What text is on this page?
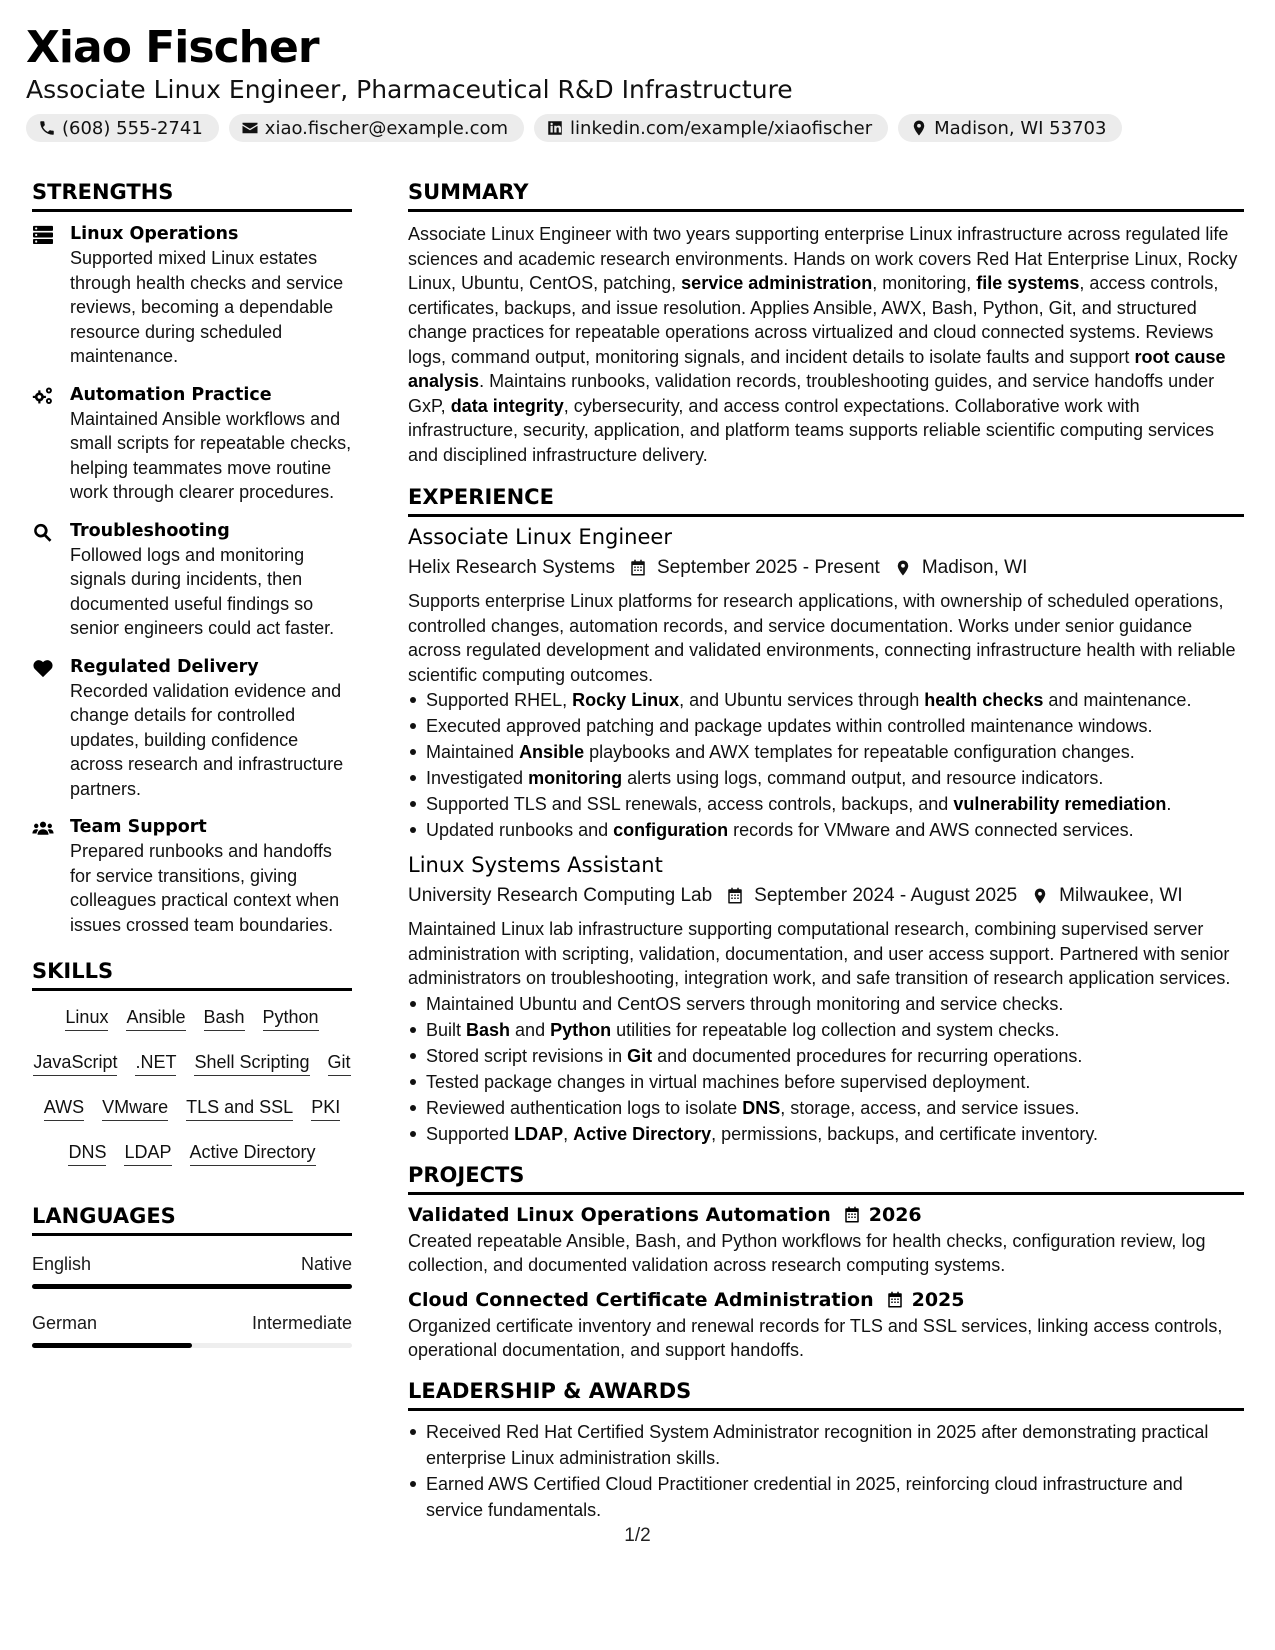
Xiao Fischer
Associate Linux Engineer, Pharmaceutical R&D Infrastructure
(608) 555-2741	xiao.fischer@example.com	linkedin.com/example/xiaofischer	Madison, WI 53703
STRENGTHS
Linux Operations
Supported mixed Linux estates through health checks and service reviews, becoming a dependable resource during scheduled maintenance.
Automation Practice
Maintained Ansible workflows and small scripts for repeatable checks, helping teammates move routine work through clearer procedures.
Troubleshooting
Followed logs and monitoring signals during incidents, then documented useful findings so senior engineers could act faster.
Regulated Delivery
Recorded validation evidence and change details for controlled updates, building confidence across research and infrastructure partners.
Team Support
Prepared runbooks and handoffs for service transitions, giving colleagues practical context when issues crossed team boundaries.
SKILLS
Linux Ansible Bash Python
JavaScript .NET Shell Scripting Git
AWS VMware TLS and SSL PKI
DNS LDAP Active Directory
LANGUAGES
English	Native
German	Intermediate
SUMMARY
Associate Linux Engineer with two years supporting enterprise Linux infrastructure across regulated life sciences and academic research environments. Hands on work covers Red Hat Enterprise Linux, Rocky Linux, Ubuntu, CentOS, patching, service administration, monitoring, file systems, access controls, certificates, backups, and issue resolution. Applies Ansible, AWX, Bash, Python, Git, and structured change practices for repeatable operations across virtualized and cloud connected systems. Reviews logs, command output, monitoring signals, and incident details to isolate faults and support root cause analysis. Maintains runbooks, validation records, troubleshooting guides, and service handoffs under GxP, data integrity, cybersecurity, and access control expectations. Collaborative work with infrastructure, security, application, and platform teams supports reliable scientific computing services and disciplined infrastructure delivery.
EXPERIENCE
Associate Linux Engineer
Helix Research Systems September 2025 - Present Madison, WI
Supports enterprise Linux platforms for research applications, with ownership of scheduled operations, controlled changes, automation records, and service documentation. Works under senior guidance across regulated development and validated environments, connecting infrastructure health with reliable scientific computing outcomes.
Supported RHEL, Rocky Linux, and Ubuntu services through health checks and maintenance.
Executed approved patching and package updates within controlled maintenance windows.
Maintained Ansible playbooks and AWX templates for repeatable configuration changes.
Investigated monitoring alerts using logs, command output, and resource indicators.
Supported TLS and SSL renewals, access controls, backups, and vulnerability remediation.
Updated runbooks and configuration records for VMware and AWS connected services.
Linux Systems Assistant
University Research Computing Lab September 2024 - August 2025 Milwaukee, WI
Maintained Linux lab infrastructure supporting computational research, combining supervised server administration with scripting, validation, documentation, and user access support. Partnered with senior administrators on troubleshooting, integration work, and safe transition of research application services.
Maintained Ubuntu and CentOS servers through monitoring and service checks.
Built Bash and Python utilities for repeatable log collection and system checks.
Stored script revisions in Git and documented procedures for recurring operations.
Tested package changes in virtual machines before supervised deployment.
Reviewed authentication logs to isolate DNS, storage, access, and service issues.
Supported LDAP, Active Directory, permissions, backups, and certificate inventory.
PROJECTS
Validated Linux Operations Automation 2026
Created repeatable Ansible, Bash, and Python workflows for health checks, configuration review, log collection, and documented validation across research computing systems.
Cloud Connected Certificate Administration 2025
Organized certificate inventory and renewal records for TLS and SSL services, linking access controls, operational documentation, and support handoffs.
LEADERSHIP & AWARDS
Received Red Hat Certified System Administrator recognition in 2025 after demonstrating practical enterprise Linux administration skills.
Earned AWS Certified Cloud Practitioner credential in 2025, reinforcing cloud infrastructure and service fundamentals.
1/2
